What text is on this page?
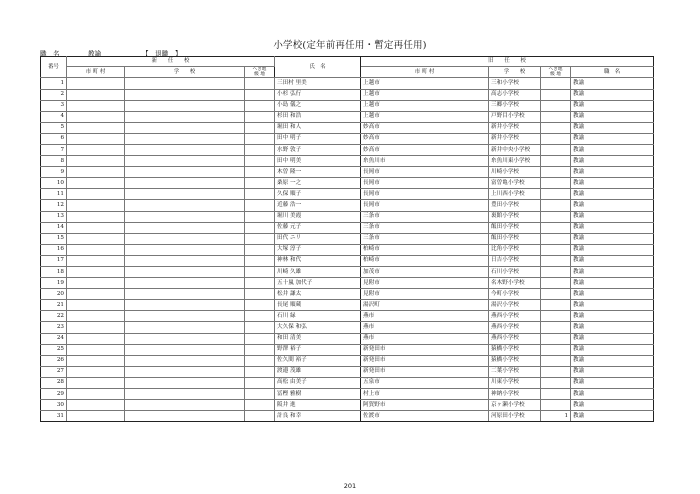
小学校(定年前再任用・暫定再任用)
職　名	教諭	【　退職　】
番号	新　　任　　校			氏　名	旧　　任　　校			
	市 町 村	学　　校	へき地
级 地		市 町 村	学　　校	へき地
级 地	職　名
1				三田村 里美	上越市	三和小学校		教諭
2				小杉 弘行	上越市	高志小学校		教諭
3				小島 儀之	上越市	三郷小学校		教諭
4				杉田 和浩	上越市	戸野目小学校		教諭
5				堀田 和人	妙高市	新井小学校		教諭
6				田中 明子	妙高市	新井小学校		教諭
7				水野 敦子	妙高市	新井中央小学校		教諭
8				田中 明美	糸魚川市	糸魚川東小学校		教諭
9				木曽 隆一	長岡市	川崎小学校		教諭
10				桑原 一之	長岡市	富曽亀小学校		教諭
11				久保 順子	長岡市	上川西小学校		教諭
12				近藤 浩一	長岡市	豊田小学校		教諭
13				堀川 美霞	三条市	裏館小学校		教諭
14				佐藤 元子	三条市	飯田小学校		教諭
15				田代 ニリ	三条市	飯田小学校		教諭
16				大塚 淳子	柏崎市	比角小学校		教諭
17				神林 和代	柏崎市	日吉小学校		教諭
18				川崎 久雄	加茂市	石川小学校		教諭
19				五十嵐 加代子	見附市	名木野小学校		教諭
20				松井 謙太	見附市	今町小学校		教諭
21				長尾 順蔵	湯沢町	湯沢小学校		教諭
22				石川 緑	燕市	燕西小学校		教諭
23				大久保 和弘	燕市	燕西小学校		教諭
24				和田 清美	燕市	燕西小学校		教諭
25				野澤 裕子	新発田市	猿橋小学校		教諭
26				佐久間 裕子	新発田市	猿橋小学校		教諭
27				渡邉 茂雄	新発田市	二葉小学校		教諭
28				高松 由美子	五泉市	川東小学校		教諭
29				冨樫 雅樹	村上市	神納小学校		教諭
30				阪井 進	阿賀野市	京ヶ瀬小学校		教諭
31				計良 和幸	佐渡市	河原田小学校	1	教諭
201
